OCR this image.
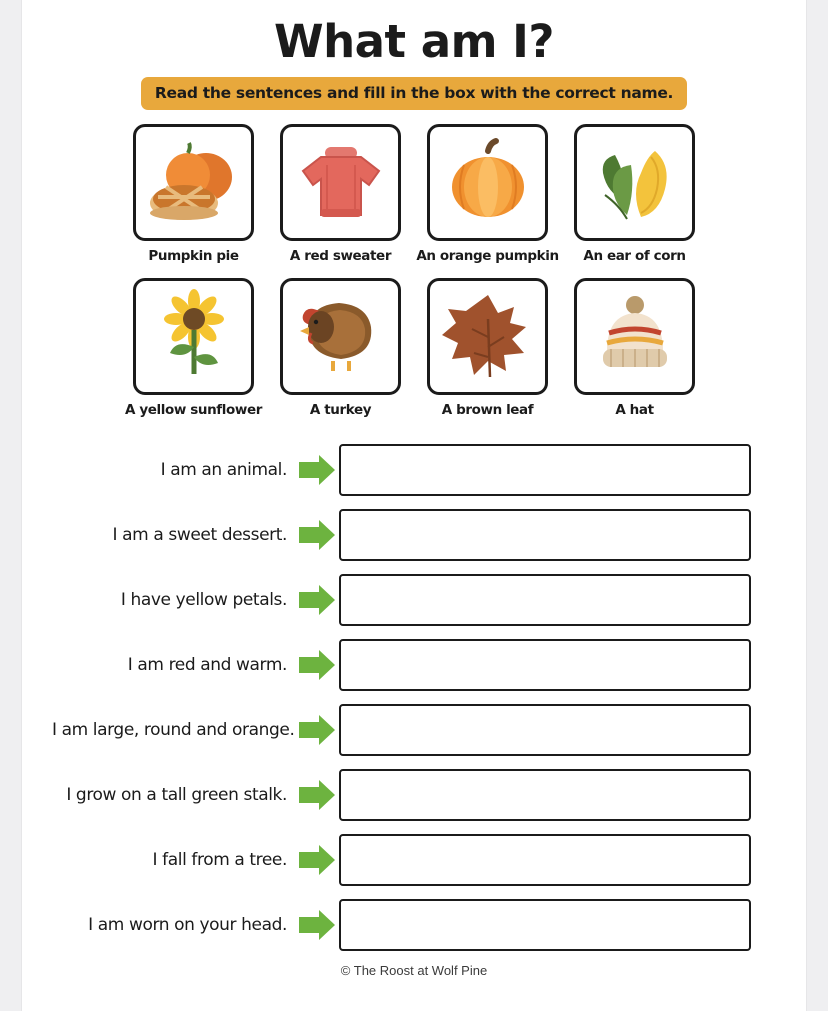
What am I?
Read the sentences and fill in the box with the correct name.
Pumpkin pie	A red sweater An orange pumpkin An ear of corn
A yellow sunflower	A turkey	A brown leaf	A hat
I am an animal.
I am a sweet dessert.
I have yellow petals.
I am red and warm.
I am large, round and orange.
I grow on a tall green stalk.
I fall from a tree.
I am worn on your head.
© The Roost at Wolf Pine
